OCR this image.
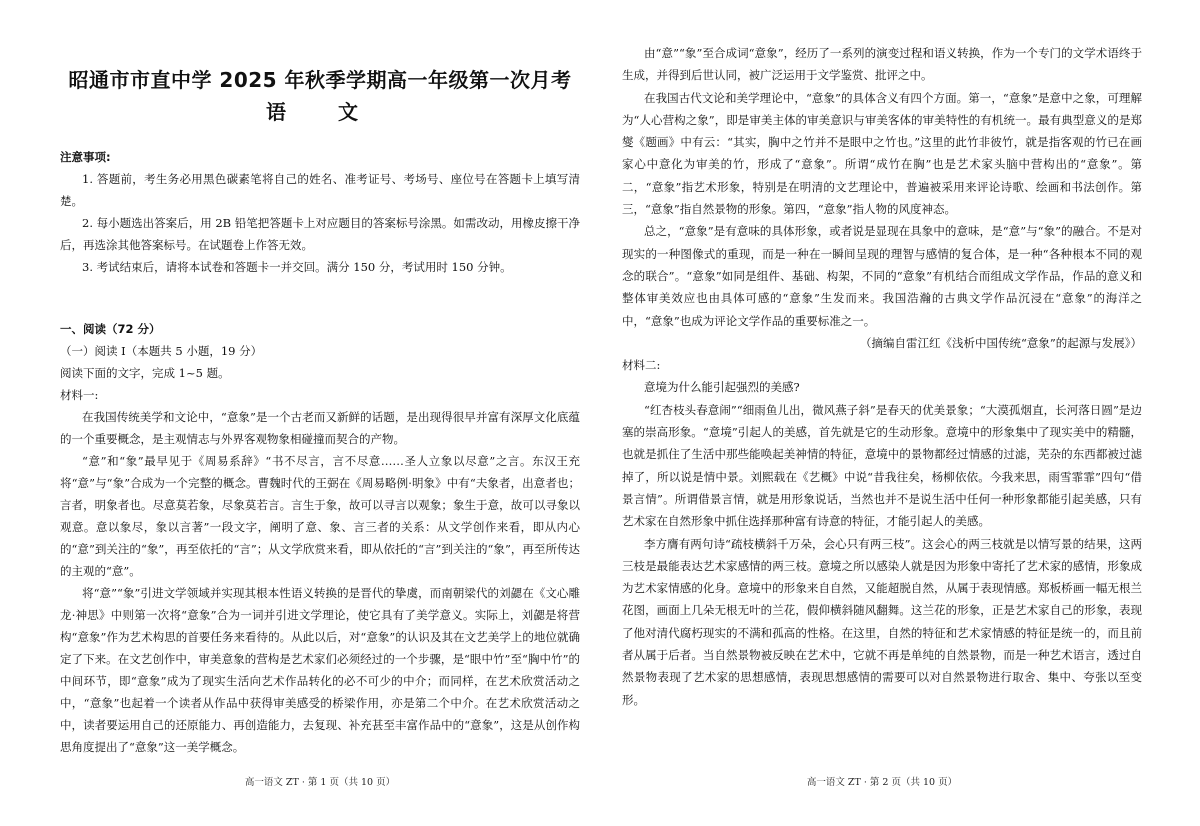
昭通市市直中学 2025 年秋季学期高一年级第一次月考
语　文
注意事项:
1. 答题前，考生务必用黑色碳素笔将自己的姓名、准考证号、考场号、座位号在答题卡上填写清楚。
2. 每小题选出答案后，用 2B 铅笔把答题卡上对应题目的答案标号涂黑。如需改动，用橡皮擦干净后，再选涂其他答案标号。在试题卷上作答无效。
3. 考试结束后，请将本试卷和答题卡一并交回。满分 150 分，考试用时 150 分钟。
一、阅读（72 分）

（一）阅读 I（本题共 5 小题，19 分）

阅读下面的文字，完成 1~5 题。

材料一:

在我国传统美学和文论中，“意象”是一个古老而又新鲜的话题，是出现得很早并富有深厚文化底蕴的一个重要概念，是主观情志与外界客观物象相碰撞而契合的产物。

“意”和“象”最早见于《周易系辞》“书不尽言，言不尽意……圣人立象以尽意”之言。东汉王充将“意”与“象”合成为一个完整的概念。曹魏时代的王弼在《周易略例·明象》中有“夫象者，出意者也；言者，明象者也。尽意莫若象，尽象莫若言。言生于象，故可以寻言以观象；象生于意，故可以寻象以观意。意以象尽，象以言著”一段文字，阐明了意、象、言三者的关系：从文学创作来看，即从内心的“意”到关注的“象”，再至依托的“言”；从文学欣赏来看，即从依托的“言”到关注的“象”，再至所传达的主观的“意”。

将“意”“象”引进文学领域并实现其根本性语义转换的是晋代的挚虞，而南朝梁代的刘勰在《文心雕龙·神思》中则第一次将“意象”合为一词并引进文学理论，使它具有了美学意义。实际上，刘勰是将营构“意象”作为艺术构思的首要任务来看待的。从此以后，对“意象”的认识及其在文艺美学上的地位就确定了下来。在文艺创作中，审美意象的营构是艺术家们必须经过的一个步骤，是“眼中竹”至“胸中竹”的中间环节，即“意象”成为了现实生活向艺术作品转化的必不可少的中介；而同样，在艺术欣赏活动之中，“意象”也起着一个读者从作品中获得审美感受的桥梁作用，亦是第二个中介。在艺术欣赏活动之中，读者要运用自己的还原能力、再创造能力，去复现、补充甚至丰富作品中的“意象”，这是从创作构思角度提出了“意象”这一美学概念。

高一语文 ZT · 第 1 页（共 10 页）

由“意”“象”至合成词“意象”，经历了一系列的演变过程和语义转换，作为一个专门的文学术语终于生成，并得到后世认同，被广泛运用于文学鉴赏、批评之中。

在我国古代文论和美学理论中，“意象”的具体含义有四个方面。第一，“意象”是意中之象，可理解为“人心营构之象”，即是审美主体的审美意识与审美客体的审美特性的有机统一。最有典型意义的是郑燮《题画》中有云：“其实，胸中之竹并不是眼中之竹也。”这里的此竹非彼竹，就是指客观的竹已在画家心中意化为审美的竹，形成了“意象”。所谓“成竹在胸”也是艺术家头脑中营构出的“意象”。第二，“意象”指艺术形象，特别是在明清的文艺理论中，普遍被采用来评论诗歌、绘画和书法创作。第三，“意象”指自然景物的形象。第四，“意象”指人物的风度神态。

总之，“意象”是有意味的具体形象，或者说是显现在具象中的意味，是“意”与“象”的融合。不是对现实的一种图像式的重现，而是一种在一瞬间呈现的理智与感情的复合体，是一种“各种根本不同的观念的联合”。“意象”如同是组件、基础、构架，不同的“意象”有机结合而组成文学作品，作品的意义和整体审美效应也由具体可感的“意象”生发而来。我国浩瀚的古典文学作品沉浸在“意象”的海洋之中，“意象”也成为评论文学作品的重要标准之一。

（摘编自雷江红《浅析中国传统“意象”的起源与发展》）

材料二:

意境为什么能引起强烈的美感?

“红杏枝头春意闹”“细雨鱼儿出，微风燕子斜”是春天的优美景象；“大漠孤烟直，长河落日圆”是边塞的崇高形象。“意境”引起人的美感，首先就是它的生动形象。意境中的形象集中了现实美中的精髓，也就是抓住了生活中那些能唤起美神情的特征，意境中的景物都经过情感的过滤，芜杂的东西都被过滤掉了，所以说是情中景。刘熙载在《艺概》中说“昔我往矣，杨柳依依。今我来思，雨雪霏霏”四句“借景言情”。所谓借景言情，就是用形象说话，当然也并不是说生活中任何一种形象都能引起美感，只有艺术家在自然形象中抓住选择那种富有诗意的特征，才能引起人的美感。

李方膺有两句诗“疏枝横斜千万朵，会心只有两三枝”。这会心的两三枝就是以情写景的结果，这两三枝是最能表达艺术家感情的两三枝。意境之所以感染人就是因为形象中寄托了艺术家的感情，形象成为艺术家情感的化身。意境中的形象来自自然，又能超脱自然，从属于表现情感。郑板桥画一幅无根兰花图，画面上几朵无根无叶的兰花，假仰横斜随风翻舞。这兰花的形象，正是艺术家自己的形象，表现了他对清代腐朽现实的不满和孤高的性格。在这里，自然的特征和艺术家情感的特征是统一的，而且前者从属于后者。当自然景物被反映在艺术中，它就不再是单纯的自然景物，而是一种艺术语言，透过自然景物表现了艺术家的思想感情，表现思想感情的需要可以对自然景物进行取舍、集中、夸张以至变形。

高一语文 ZT · 第 2 页（共 10 页）
